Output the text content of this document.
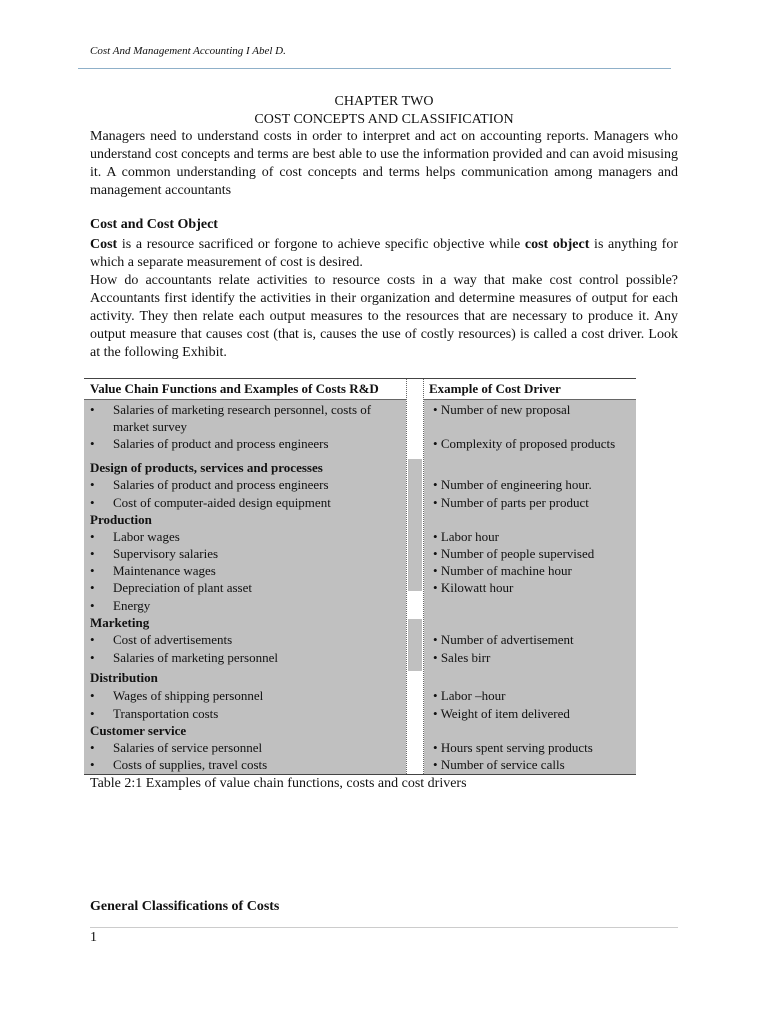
Cost And Management Accounting I Abel D.
CHAPTER TWO
COST CONCEPTS AND CLASSIFICATION
Managers need to understand costs in order to interpret and act on accounting reports. Managers who understand cost concepts and terms are best able to use the information provided and can avoid misusing it. A common understanding of cost concepts and terms helps communication among managers and management accountants
Cost and Cost Object
Cost is a resource sacrificed or forgone to achieve specific objective while cost object is anything for which a separate measurement of cost is desired.
How do accountants relate activities to resource costs in a way that make cost control possible? Accountants first identify the activities in their organization and determine measures of output for each activity. They then relate each output measures to the resources that are necessary to produce it. Any output measure that causes cost (that is, causes the use of costly resources) is called a cost driver. Look at the following Exhibit.
Value Chain Functions and Examples of Costs R&D	Example of Cost Driver
• Salaries of marketing research personnel, costs of	• Number of new proposal
market survey
• Salaries of product and process engineers	• Complexity of proposed products
Design of products, services and processes
• Salaries of product and process engineers	• Number of engineering hour.
• Cost of computer-aided design equipment	• Number of parts per product
Production
• Labor wages	• Labor hour
• Supervisory salaries	• Number of people supervised
• Maintenance wages	• Number of machine hour
• Depreciation of plant asset	• Kilowatt hour
• Energy
Marketing
• Cost of advertisements	• Number of advertisement
• Salaries of marketing personnel	• Sales birr
Distribution
• Wages of shipping personnel	• Labor –hour
• Transportation costs	• Weight of item delivered
Customer service
• Salaries of service personnel	• Hours spent serving products
• Costs of supplies, travel costs	• Number of service calls
Table 2:1 Examples of value chain functions, costs and cost drivers
General Classifications of Costs
1
